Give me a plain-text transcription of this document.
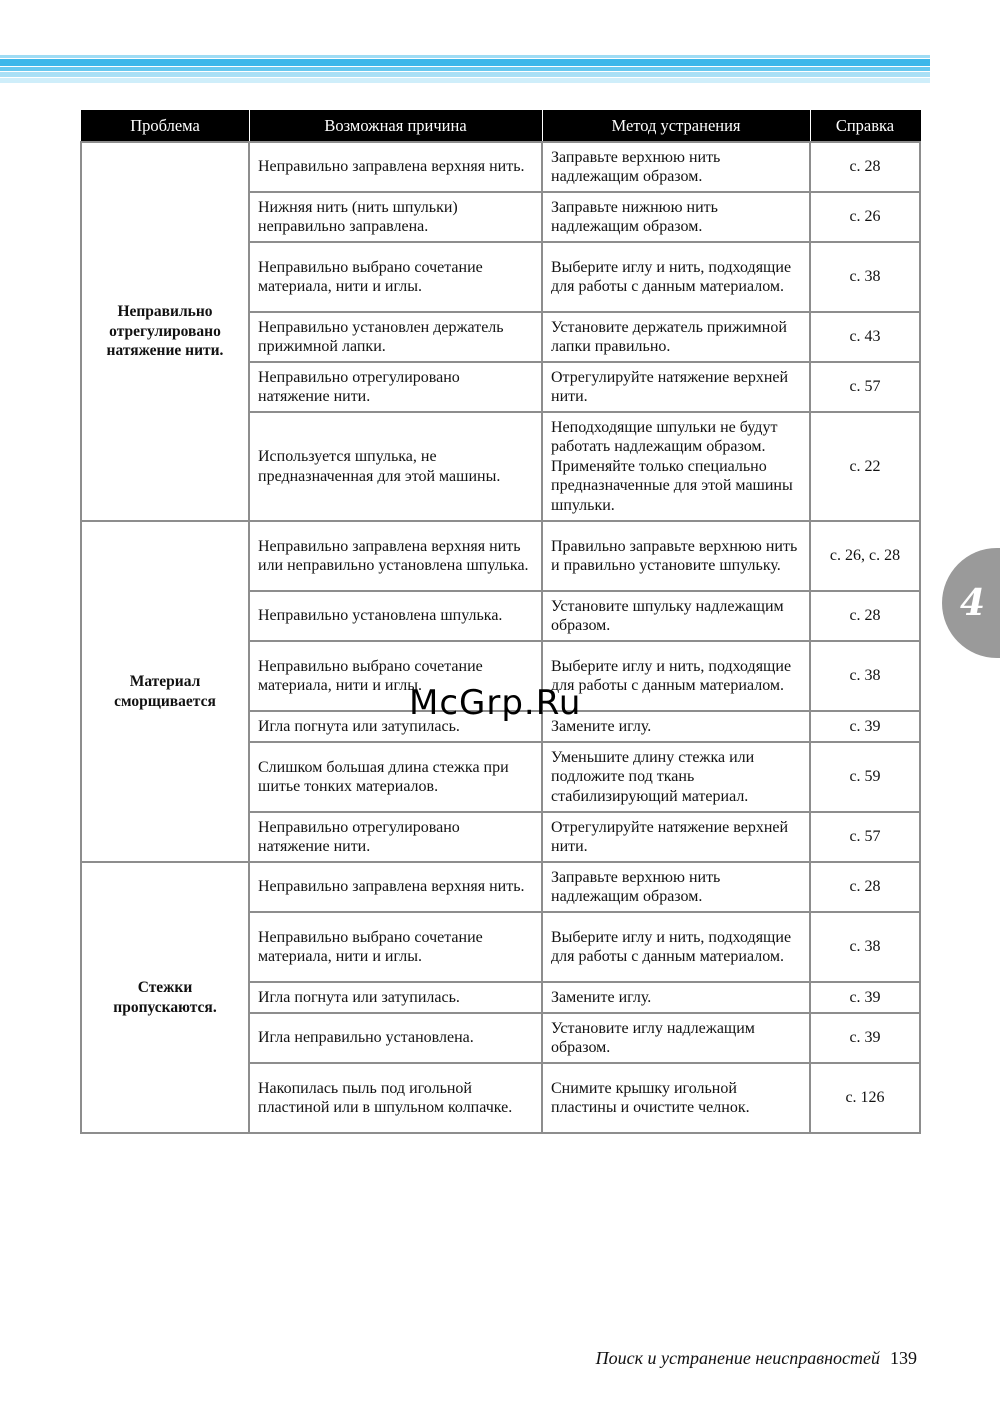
4
Проблема	Возможная причина	Метод устранения	Справка
Неправильно отрегулировано натяжение нити.	Неправильно заправлена верхняя нить.	Заправьте верхнюю нить надлежащим образом.	с. 28
	Нижняя нить (нить шпульки) неправильно заправлена.	Заправьте нижнюю нить надлежащим образом.	с. 26
	Неправильно выбрано сочетание материала, нити и иглы.	Выберите иглу и нить, подходящие для работы с данным материалом.	с. 38
	Неправильно установлен держатель прижимной лапки.	Установите держатель прижимной лапки правильно.	с. 43
	Неправильно отрегулировано натяжение нити.	Отрегулируйте натяжение верхней нити.	с. 57
	Используется шпулька, не предназначенная для этой машины.	Неподходящие шпульки не будут работать надлежащим образом. Применяйте только специально предназначенные для этой машины шпульки.	с. 22
Материал сморщивается	Неправильно заправлена верхняя нить или неправильно установлена шпулька.	Правильно заправьте верхнюю нить и правильно установите шпульку.	с. 26, с. 28
	Неправильно установлена шпулька.	Установите шпульку надлежащим образом.	с. 28
	Неправильно выбрано сочетание материала, нити и иглы.	Выберите иглу и нить, подходящие для работы с данным материалом.	с. 38
	Игла погнута или затупилась.	Замените иглу.	с. 39
	Слишком большая длина стежка при шитье тонких материалов.	Уменьшите длину стежка или подложите под ткань стабилизирующий материал.	с. 59
	Неправильно отрегулировано натяжение нити.	Отрегулируйте натяжение верхней нити.	с. 57
Стежки пропускаются.	Неправильно заправлена верхняя нить.	Заправьте верхнюю нить надлежащим образом.	с. 28
	Неправильно выбрано сочетание материала, нити и иглы.	Выберите иглу и нить, подходящие для работы с данным материалом.	с. 38
	Игла погнута или затупилась.	Замените иглу.	с. 39
	Игла неправильно установлена.	Установите иглу надлежащим образом.	с. 39
	Накопилась пыль под игольной пластиной или в шпульном колпачке.	Снимите крышку игольной пластины и очистите челнок.	с. 126
McGrp.Ru
Поиск и устранение неисправностей 139
